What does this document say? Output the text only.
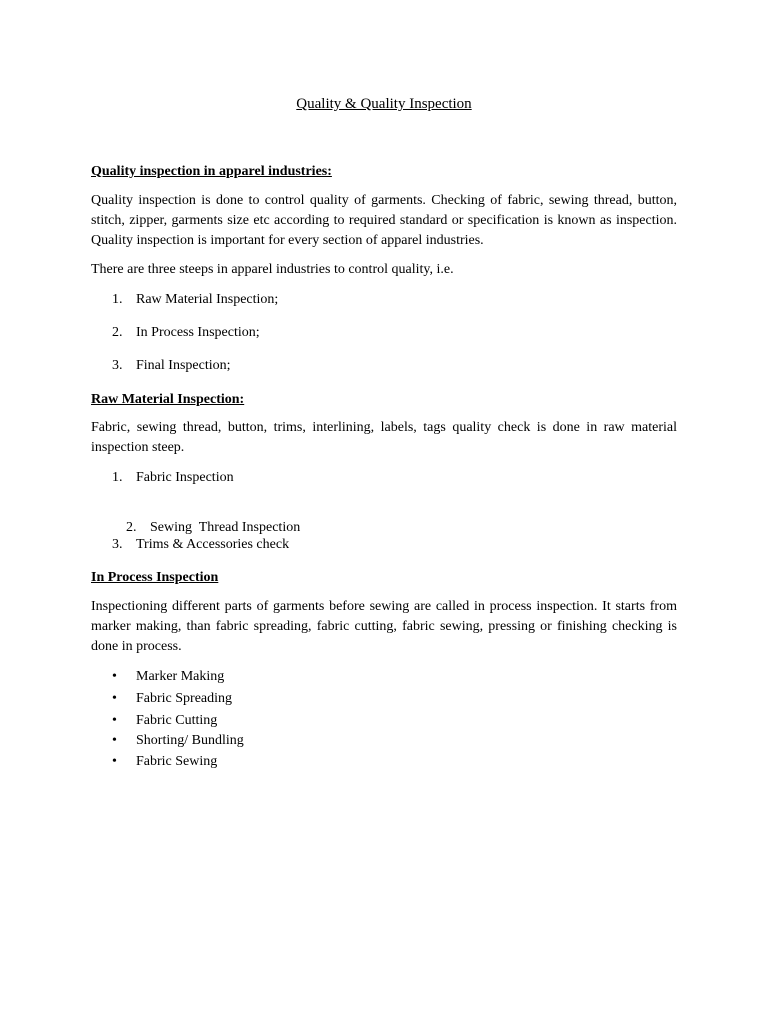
Quality & Quality Inspection
Quality inspection in apparel industries:

Quality inspection is done to control quality of garments. Checking of fabric, sewing thread, button, stitch, zipper, garments size etc according to required standard or specification is known as inspection. Quality inspection is important for every section of apparel industries.

There are three steeps in apparel industries to control quality, i.e.

1. Raw Material Inspection;
2. In Process Inspection;
3. Final Inspection;
Raw Material Inspection:

Fabric, sewing thread, button, trims, interlining, labels, tags quality check is done in raw material inspection steep.

1. Fabric Inspection

2. Sewing  Thread Inspection

3. Trims & Accessories check
In Process Inspection

Inspectioning different parts of garments before sewing are called in process inspection. It starts from marker making, than fabric spreading, fabric cutting, fabric sewing, pressing or finishing checking is done in process.

• Marker Making
• Fabric Spreading
• Fabric Cutting
• Shorting/ Bundling
• Fabric Sewing
